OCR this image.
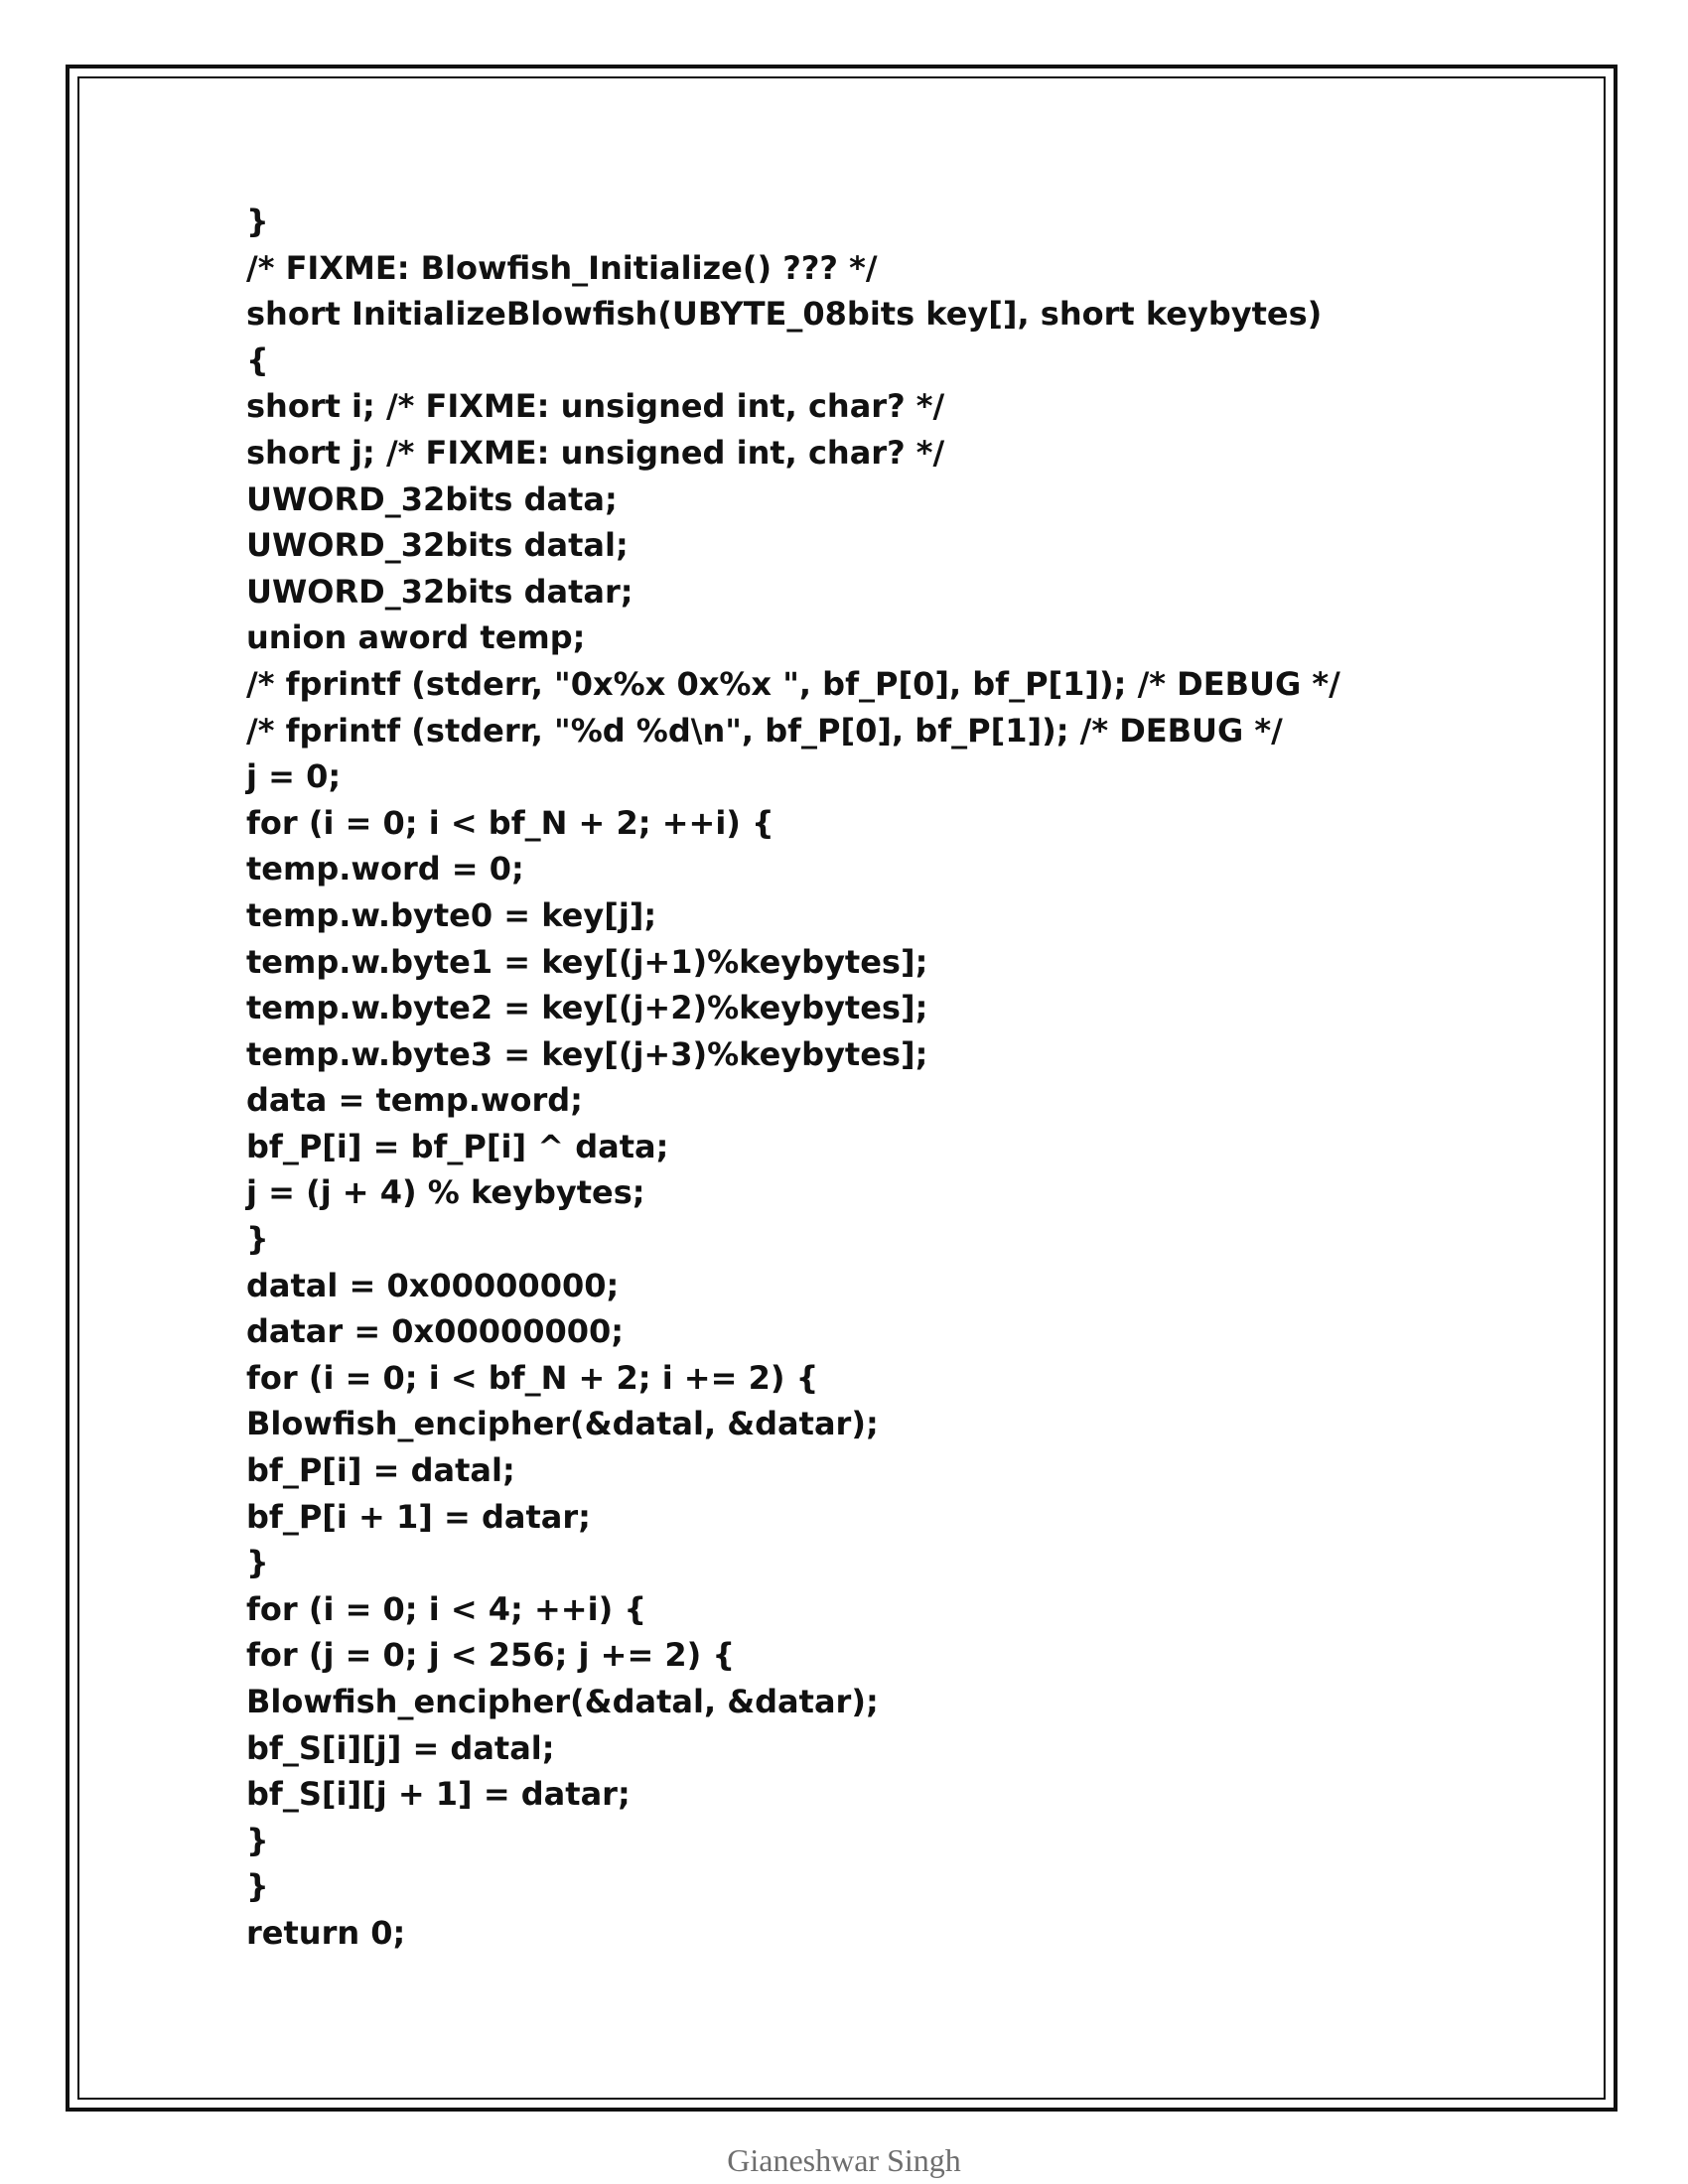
}
/* FIXME: Blowfish_Initialize() ??? */
short InitializeBlowfish(UBYTE_08bits key[], short keybytes)
{
short i; /* FIXME: unsigned int, char? */
short j; /* FIXME: unsigned int, char? */
UWORD_32bits data;
UWORD_32bits datal;
UWORD_32bits datar;
union aword temp;
/* fprintf (stderr, "0x%x 0x%x ", bf_P[0], bf_P[1]); /* DEBUG */
/* fprintf (stderr, "%d %d\n", bf_P[0], bf_P[1]); /* DEBUG */
j = 0;
for (i = 0; i < bf_N + 2; ++i) {
temp.word = 0;
temp.w.byte0 = key[j];
temp.w.byte1 = key[(j+1)%keybytes];
temp.w.byte2 = key[(j+2)%keybytes];
temp.w.byte3 = key[(j+3)%keybytes];
data = temp.word;
bf_P[i] = bf_P[i] ^ data;
j = (j + 4) % keybytes;
}
datal = 0x00000000;
datar = 0x00000000;
for (i = 0; i < bf_N + 2; i += 2) {
Blowfish_encipher(&datal, &datar);
bf_P[i] = datal;
bf_P[i + 1] = datar;
}
for (i = 0; i < 4; ++i) {
for (j = 0; j < 256; j += 2) {
Blowfish_encipher(&datal, &datar);
bf_S[i][j] = datal;
bf_S[i][j + 1] = datar;
}
}
return 0;
Gianeshwar Singh
